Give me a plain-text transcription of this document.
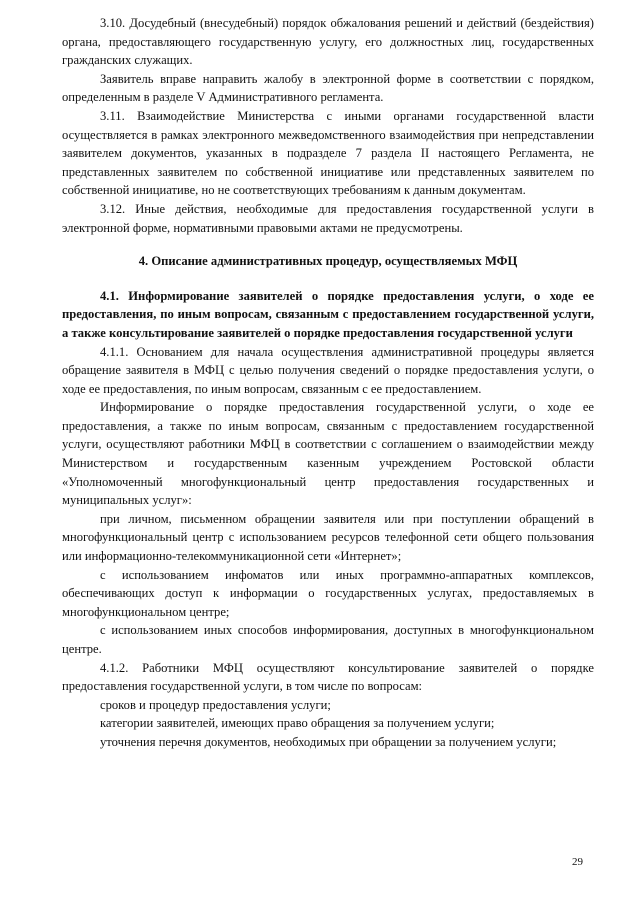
3.10. Досудебный (внесудебный) порядок обжалования решений и действий (бездействия) органа, предоставляющего государственную услугу, его должностных лиц, государственных гражданских служащих.

Заявитель вправе направить жалобу в электронной форме в соответствии с порядком, определенным в разделе V Административного регламента.

3.11. Взаимодействие Министерства с иными органами государственной власти осуществляется в рамках электронного межведомственного взаимодействия при непредставлении заявителем документов, указанных в подразделе 7 раздела II настоящего Регламента, не представленных заявителем по собственной инициативе или представленных заявителем по собственной инициативе, но не соответствующих требованиям к данным документам.

3.12. Иные действия, необходимые для предоставления государственной услуги в электронной форме, нормативными правовыми актами не предусмотрены.

4. Описание административных процедур, осуществляемых МФЦ

4.1. Информирование заявителей о порядке предоставления услуги, о ходе ее предоставления, по иным вопросам, связанным с предоставлением государственной услуги, а также консультирование заявителей о порядке предоставления государственной услуги

4.1.1. Основанием для начала осуществления административной процедуры является обращение заявителя в МФЦ с целью получения сведений о порядке предоставления услуги, о ходе ее предоставления, по иным вопросам, связанным с ее предоставлением.

Информирование о порядке предоставления государственной услуги, о ходе ее предоставления, а также по иным вопросам, связанным с предоставлением государственной услуги, осуществляют работники МФЦ в соответствии с соглашением о взаимодействии между Министерством и государственным казенным учреждением Ростовской области «Уполномоченный многофункциональный центр предоставления государственных и муниципальных услуг»:

при личном, письменном обращении заявителя или при поступлении обращений в многофункциональный центр с использованием ресурсов телефонной сети общего пользования или информационно-телекоммуникационной сети «Интернет»;

с использованием инфоматов или иных программно-аппаратных комплексов, обеспечивающих доступ к информации о государственных услугах, предоставляемых в многофункциональном центре;

с использованием иных способов информирования, доступных в многофункциональном центре.

4.1.2. Работники МФЦ осуществляют консультирование заявителей о порядке предоставления государственной услуги, в том числе по вопросам:

сроков и процедур предоставления услуги;

категории заявителей, имеющих право обращения за получением услуги;

уточнения перечня документов, необходимых при обращении за получением услуги;

29
